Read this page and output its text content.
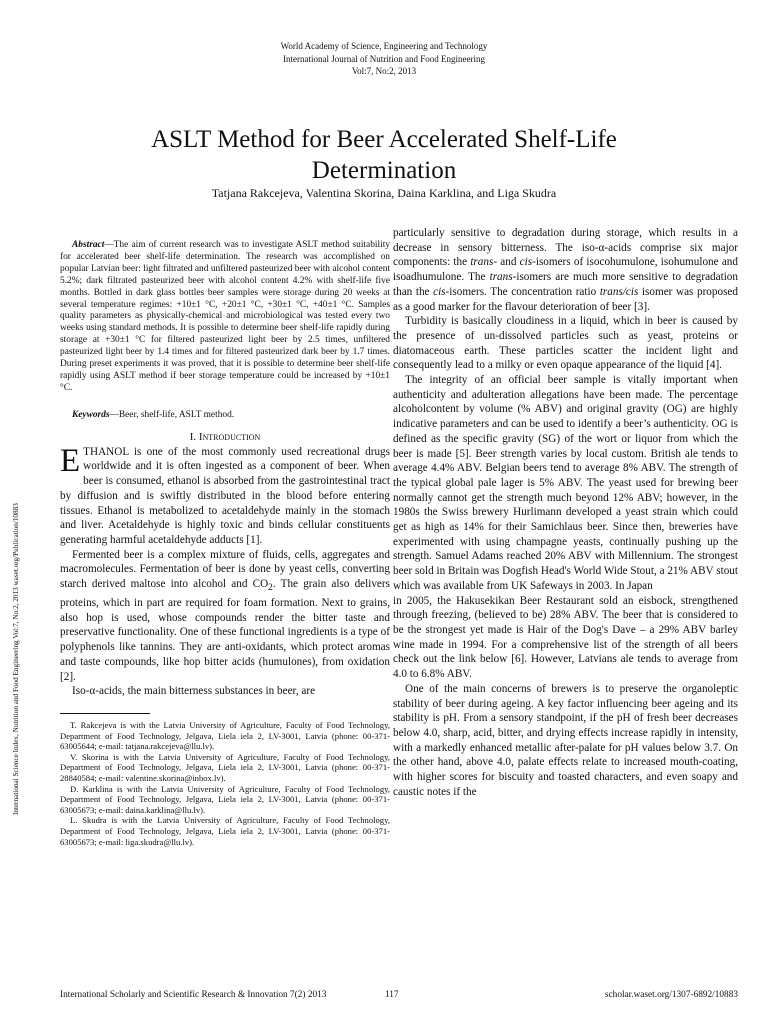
World Academy of Science, Engineering and Technology
International Journal of Nutrition and Food Engineering
Vol:7, No:2, 2013
ASLT Method for Beer Accelerated Shelf-Life
Determination
Tatjana Rakcejeva, Valentina Skorina, Daina Karklina, and Liga Skudra
International Science Index, Nutrition and Food Engineering Vol:7, No:2, 2013 waset.org/Publication/10883

Abstract—The aim of current research was to investigate ASLT method suitability for accelerated beer shelf-life determination. The research was accomplished on popular Latvian beer: light filtrated and unfiltered pasteurized beer with alcohol content 5.2%; dark filtrated pasteurized beer with alcohol content 4.2% with shelf-life five months. Bottled in dark glass bottles beer samples were storage during 20 weeks at several temperature regimes: +10±1 °C, +20±1 °C, +30±1 °C, +40±1 °C. Samples quality parameters as physically-chemical and microbiological was tested every two weeks using standard methods. It is possible to determine beer shelf-life rapidly during storage at +30±1 °C for filtered pasteurized light beer by 2.5 times, unfiltered pasteurized light beer by 1.4 times and for filtered pasteurized dark beer by 1.7 times. During preset experiments it was proved, that it is possible to determine beer shelf-life rapidly using ASLT method if beer storage temperature could be increased by +10±1 °C.

Keywords—Beer, shelf-life, ASLT method.

I. Introduction

ETHANOL is one of the most commonly used recreational drugs worldwide and it is often ingested as a component of beer. When beer is consumed, ethanol is absorbed from the gastrointestinal tract by diffusion and is swiftly distributed in the blood before entering tissues. Ethanol is metabolized to acetaldehyde mainly in the stomach and liver. Acetaldehyde is highly toxic and binds cellular constituents generating harmful acetaldehyde adducts [1].

Fermented beer is a complex mixture of fluids, cells, aggregates and macromolecules. Fermentation of beer is done by yeast cells, converting starch derived maltose into alcohol and $CO_2$. The grain also delivers proteins, which in part are required for foam formation. Next to grains, also hop is used, whose compounds render the bitter taste and preservative functionality. One of these functional ingredients is a type of polyphenols like tannins. They are anti-oxidants, which protect aromas and taste compounds, like hop bitter acids (humulones), from oxidation [2].

Iso-α-acids, the main bitterness substances in beer, are

T. Rakcejeva is with the Latvia University of Agriculture, Faculty of Food Technology, Department of Food Technology, Jelgava, Liela iela 2, LV-3001, Latvia (phone: 00-371-63005644; e-mail: tatjana.rakcejeva@llu.lv).

V. Skorina is with the Latvia University of Agriculture, Faculty of Food Technology, Department of Food Technology, Jelgava, Liela iela 2, LV-3001, Latvia (phone: 00-371-28840584; e-mail: valentine.skorina@inbox.lv).

D. Karklina is with the Latvia University of Agriculture, Faculty of Food Technology, Department of Food Technology, Jelgava, Liela iela 2, LV-3001, Latvia (phone: 00-371-63005673; e-mail: daina.karklina@llu.lv).

L. Skudra is with the Latvia University of Agriculture, Faculty of Food Technology, Department of Food Technology, Jelgava, Liela iela 2, LV-3001, Latvia (phone: 00-371-63005673; e-mail: liga.skudra@llu.lv).

particularly sensitive to degradation during storage, which results in a decrease in sensory bitterness. The iso-α-acids comprise six major components: the trans- and cis-isomers of isocohumulone, isohumulone and isoadhumulone. The trans-isomers are much more sensitive to degradation than the cis-isomers. The concentration ratio trans/cis isomer was proposed as a good marker for the flavour deterioration of beer [3].

Turbidity is basically cloudiness in a liquid, which in beer is caused by the presence of un-dissolved particles such as yeast, proteins or diatomaceous earth. These particles scatter the incident light and consequently lead to a milky or even opaque appearance of the liquid [4].

The integrity of an official beer sample is vitally important when authenticity and adulteration allegations have been made. The percentage alcoholcontent by volume (% ABV) and original gravity (OG) are highly indicative parameters and can be used to identify a beer’s authenticity. OG is defined as the specific gravity (SG) of the wort or liquor from which the beer is made [5]. Beer strength varies by local custom. British ale tends to average 4.4% ABV. Belgian beers tend to average 8% ABV. The strength of the typical global pale lager is 5% ABV. The yeast used for brewing beer normally cannot get the strength much beyond 12% ABV; however, in the 1980s the Swiss brewery Hurlimann developed a yeast strain which could get as high as 14% for their Samichlaus beer. Since then, breweries have experimented with using champagne yeasts, continually pushing up the strength. Samuel Adams reached 20% ABV with Millennium. The strongest beer sold in Britain was Dogfish Head's World Wide Stout, a 21% ABV stout which was available from UK Safeways in 2003. In Japan

in 2005, the Hakusekikan Beer Restaurant sold an eisbock, strengthened through freezing, (believed to be) 28% ABV. The beer that is considered to be the strongest yet made is Hair of the Dog's Dave – a 29% ABV barley wine made in 1994. For a comprehensive list of the strength of all beers check out the link below [6]. However, Latvians ale tends to average from 4.0 to 6.8% ABV.

One of the main concerns of brewers is to preserve the organoleptic stability of beer during ageing. A key factor influencing beer ageing and its stability is pH. From a sensory standpoint, if the pH of fresh beer decreases below 4.0, sharp, acid, bitter, and drying effects increase rapidly in intensity, with a markedly enhanced metallic after-palate for pH values below 3.7. On the other hand, above 4.0, palate effects relate to increased mouth-coating, with higher scores for biscuity and toasted characters, and even soapy and caustic notes if the

International Scholarly and Scientific Research & Innovation 7(2) 2013	117	scholar.waset.org/1307-6892/10883
